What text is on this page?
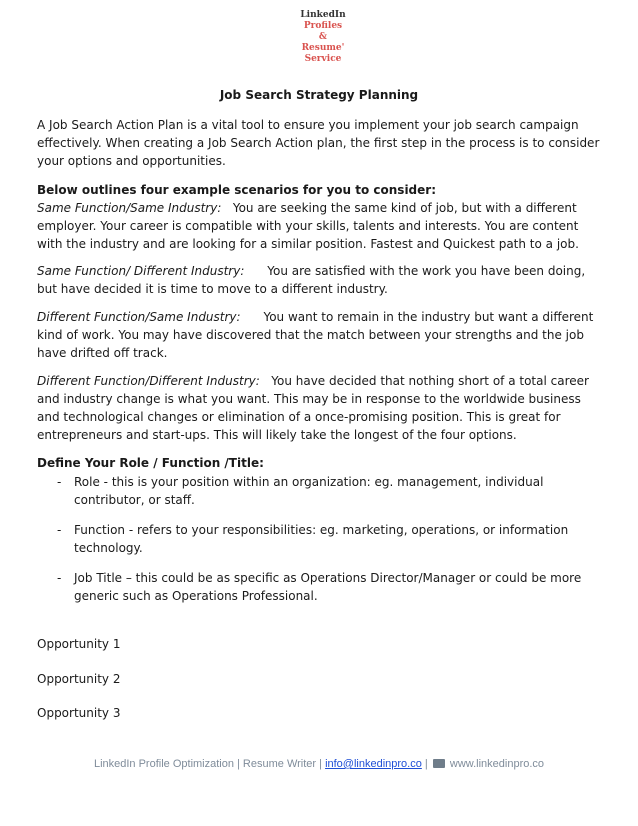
LinkedIn
Profiles
&
Resume'
Service
Job Search Strategy Planning

A Job Search Action Plan is a vital tool to ensure you implement your job search campaign effectively. When creating a Job Search Action plan, the first step in the process is to consider your options and opportunities.

Below outlines four example scenarios for you to consider:
Same Function/Same Industry: You are seeking the same kind of job, but with a different employer. Your career is compatible with your skills, talents and interests. You are content with the industry and are looking for a similar position. Fastest and Quickest path to a job.

Same Function/ Different Industry: You are satisfied with the work you have been doing, but have decided it is time to move to a different industry.

Different Function/Same Industry: You want to remain in the industry but want a different kind of work. You may have discovered that the match between your strengths and the job have drifted off track.

Different Function/Different Industry: You have decided that nothing short of a total career and industry change is what you want. This may be in response to the worldwide business and technological changes or elimination of a once-promising position. This is great for entrepreneurs and start-ups. This will likely take the longest of the four options.

Define Your Role / Function /Title:
- Role - this is your position within an organization: eg. management, individual contributor, or staff.
- Function - refers to your responsibilities: eg. marketing, operations, or information technology.
- Job Title – this could be as specific as Operations Director/Manager or could be more generic such as Operations Professional.
Opportunity 1
Opportunity 2
Opportunity 3
LinkedIn Profile Optimization | Resume Writer | info@linkedinpro.co | www.linkedinpro.co
